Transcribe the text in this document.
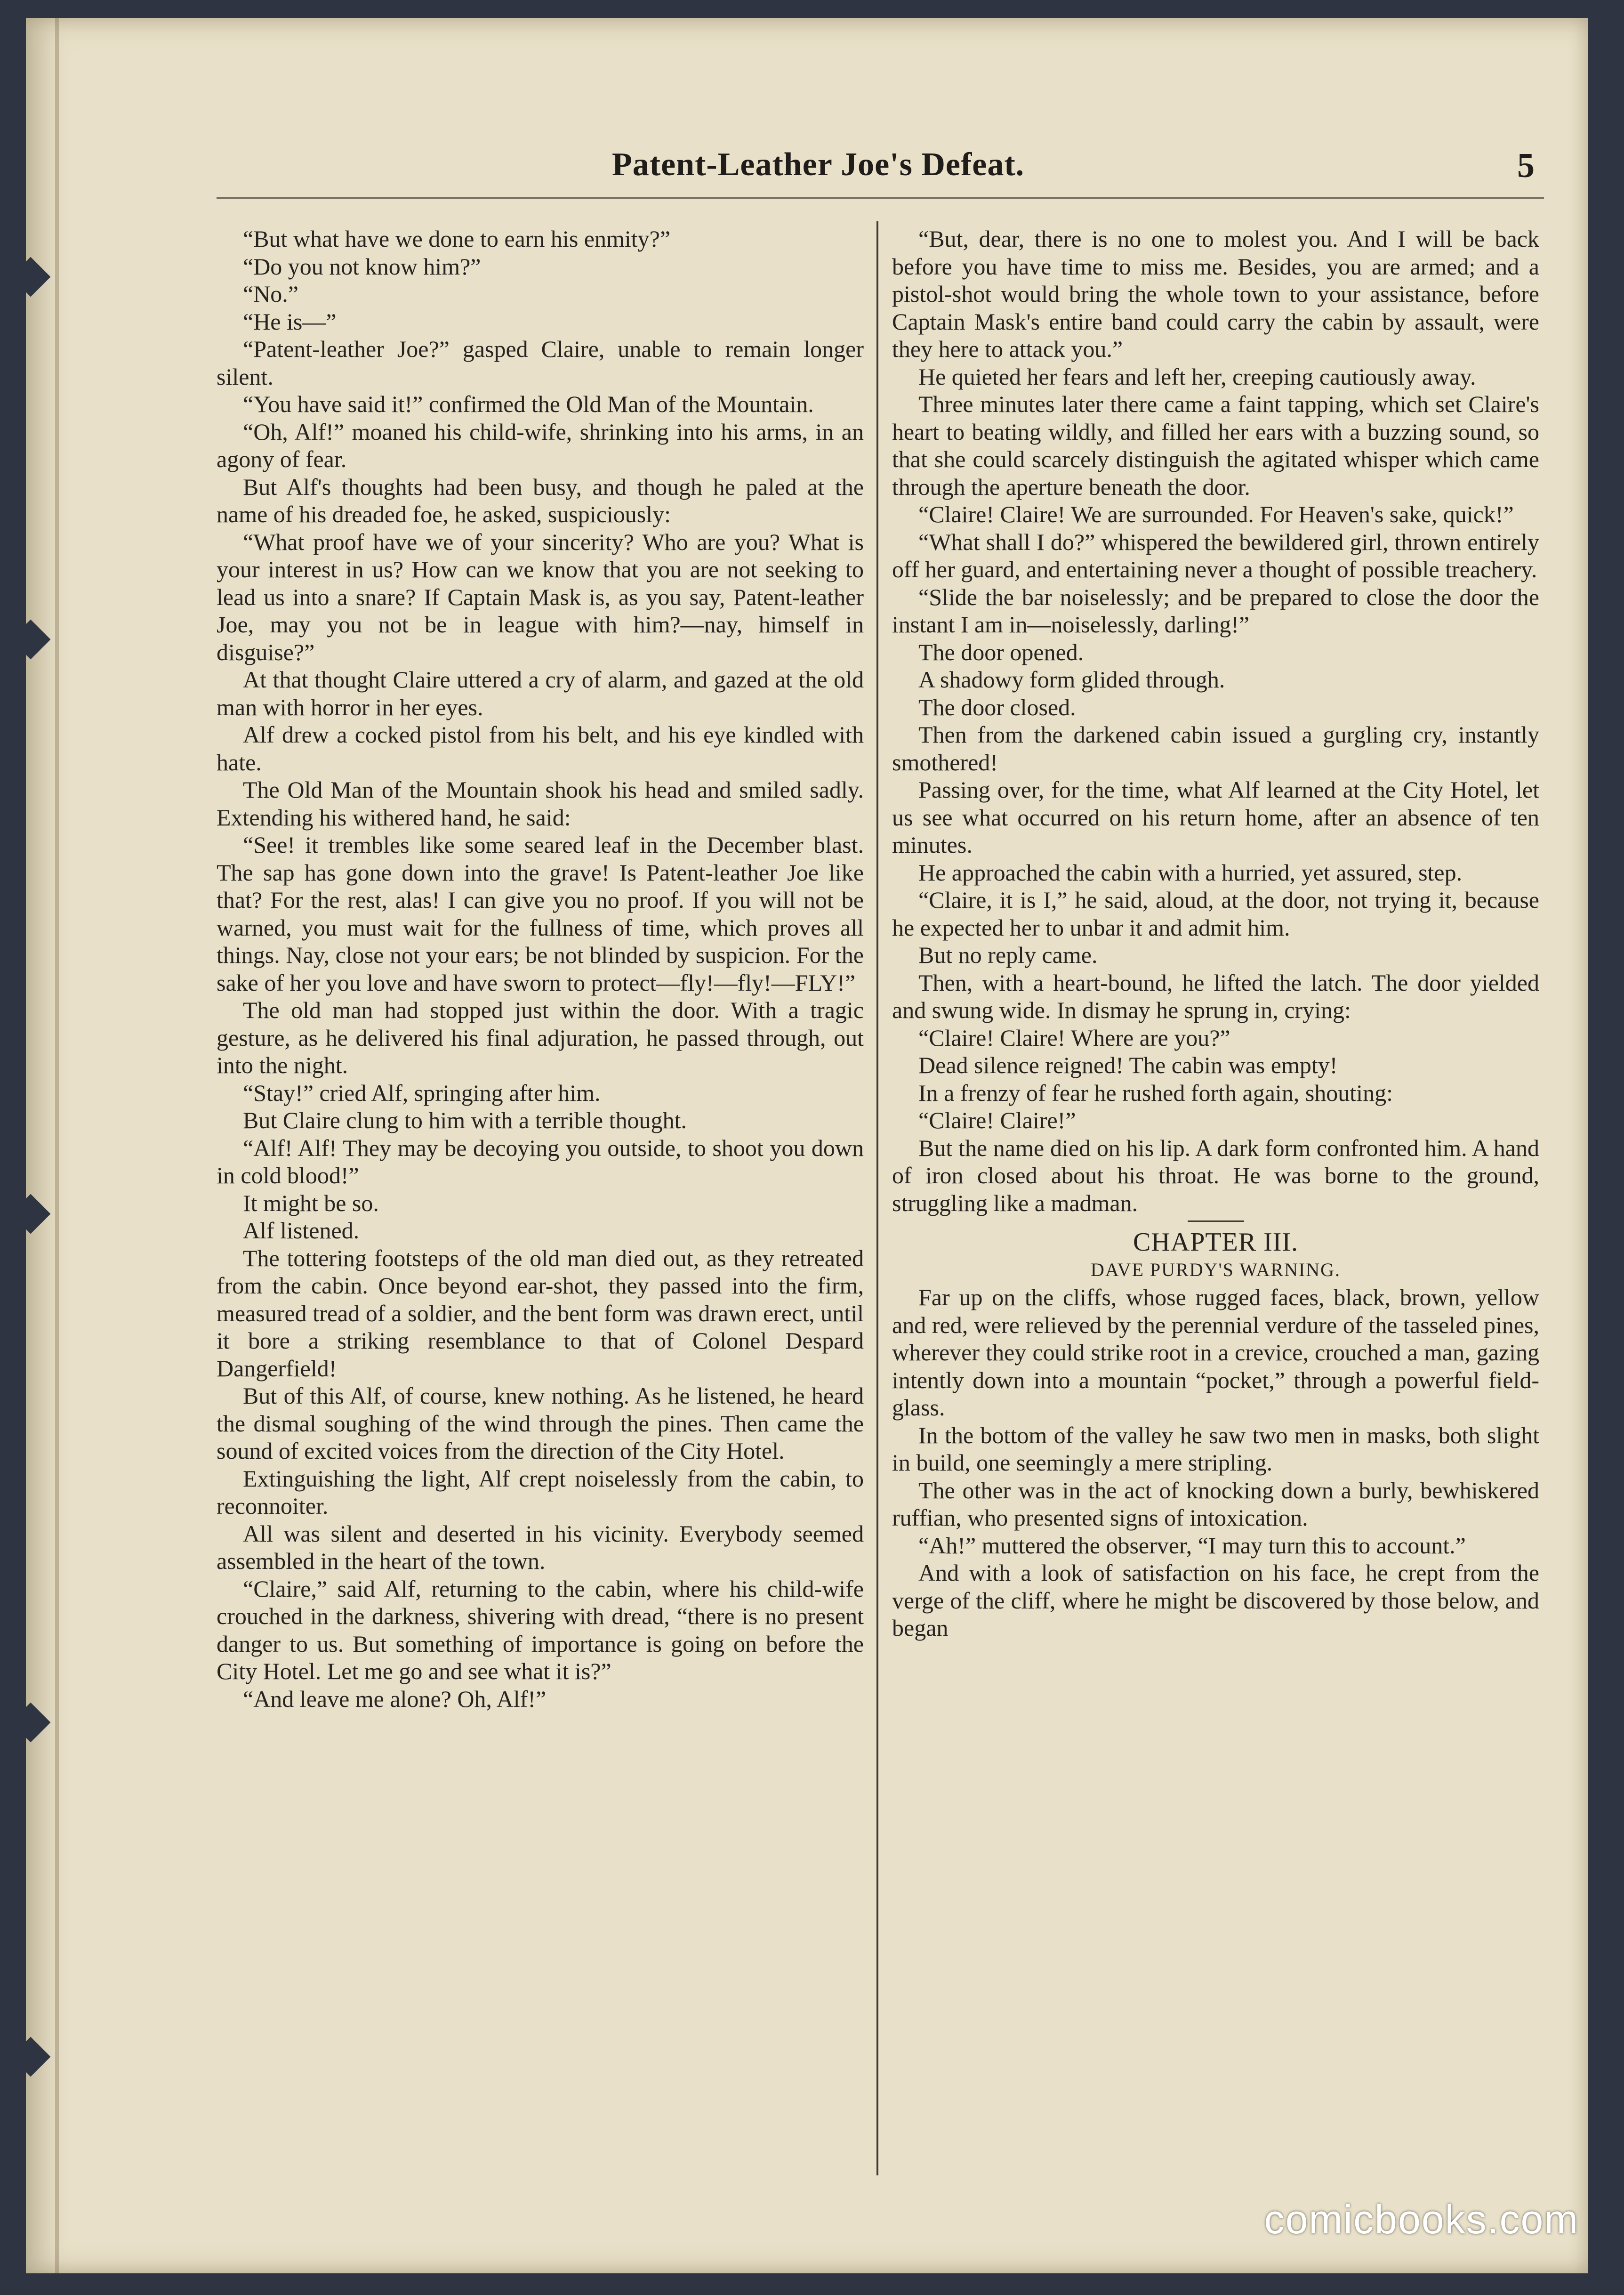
Patent-Leather Joe's Defeat.	5

“But what have we done to earn his enmity?”

“Do you not know him?”

“No.”

“He is—”

“Patent-leather Joe?” gasped Claire, unable to remain longer silent.

“You have said it!” confirmed the Old Man of the Mountain.

“Oh, Alf!” moaned his child-wife, shrinking into his arms, in an agony of fear.

But Alf's thoughts had been busy, and though he paled at the name of his dreaded foe, he asked, suspiciously:

“What proof have we of your sincerity? Who are you? What is your interest in us? How can we know that you are not seeking to lead us into a snare? If Captain Mask is, as you say, Patent-leather Joe, may you not be in league with him?—nay, himself in disguise?”

At that thought Claire uttered a cry of alarm, and gazed at the old man with horror in her eyes.

Alf drew a cocked pistol from his belt, and his eye kindled with hate.

The Old Man of the Mountain shook his head and smiled sadly. Extending his withered hand, he said:

“See! it trembles like some seared leaf in the December blast. The sap has gone down into the grave! Is Patent-leather Joe like that? For the rest, alas! I can give you no proof. If you will not be warned, you must wait for the fullness of time, which proves all things. Nay, close not your ears; be not blinded by suspicion. For the sake of her you love and have sworn to protect—fly!—fly!—FLY!”

The old man had stopped just within the door. With a tragic gesture, as he delivered his final adjuration, he passed through, out into the night.

“Stay!” cried Alf, springing after him.

But Claire clung to him with a terrible thought.

“Alf! Alf! They may be decoying you outside, to shoot you down in cold blood!”

It might be so.

Alf listened.

The tottering footsteps of the old man died out, as they retreated from the cabin. Once beyond ear-shot, they passed into the firm, measured tread of a soldier, and the bent form was drawn erect, until it bore a striking resemblance to that of Colonel Despard Dangerfield!

But of this Alf, of course, knew nothing. As he listened, he heard the dismal soughing of the wind through the pines. Then came the sound of excited voices from the direction of the City Hotel.

Extinguishing the light, Alf crept noiselessly from the cabin, to reconnoiter.

All was silent and deserted in his vicinity. Everybody seemed assembled in the heart of the town.

“Claire,” said Alf, returning to the cabin, where his child-wife crouched in the darkness, shivering with dread, “there is no present danger to us. But something of importance is going on before the City Hotel. Let me go and see what it is?”

“And leave me alone? Oh, Alf!”

“But, dear, there is no one to molest you. And I will be back before you have time to miss me. Besides, you are armed; and a pistol-shot would bring the whole town to your assistance, before Captain Mask's entire band could carry the cabin by assault, were they here to attack you.”

He quieted her fears and left her, creeping cautiously away.

Three minutes later there came a faint tapping, which set Claire's heart to beating wildly, and filled her ears with a buzzing sound, so that she could scarcely distinguish the agitated whisper which came through the aperture beneath the door.

“Claire! Claire! We are surrounded. For Heaven's sake, quick!”

“What shall I do?” whispered the bewildered girl, thrown entirely off her guard, and entertaining never a thought of possible treachery.

“Slide the bar noiselessly; and be prepared to close the door the instant I am in—noiselessly, darling!”

The door opened.

A shadowy form glided through.

The door closed.

Then from the darkened cabin issued a gurgling cry, instantly smothered!

Passing over, for the time, what Alf learned at the City Hotel, let us see what occurred on his return home, after an absence of ten minutes.

He approached the cabin with a hurried, yet assured, step.

“Claire, it is I,” he said, aloud, at the door, not trying it, because he expected her to unbar it and admit him.

But no reply came.

Then, with a heart-bound, he lifted the latch. The door yielded and swung wide. In dismay he sprung in, crying:

“Claire! Claire! Where are you?”

Dead silence reigned! The cabin was empty!

In a frenzy of fear he rushed forth again, shouting:

“Claire! Claire!”

But the name died on his lip. A dark form confronted him. A hand of iron closed about his throat. He was borne to the ground, struggling like a madman.

CHAPTER III.

DAVE PURDY'S WARNING.

Far up on the cliffs, whose rugged faces, black, brown, yellow and red, were relieved by the perennial verdure of the tasseled pines, wherever they could strike root in a crevice, crouched a man, gazing intently down into a mountain “pocket,” through a powerful field-glass.

In the bottom of the valley he saw two men in masks, both slight in build, one seemingly a mere stripling.

The other was in the act of knocking down a burly, bewhiskered ruffian, who presented signs of intoxication.

“Ah!” muttered the observer, “I may turn this to account.”

And with a look of satisfaction on his face, he crept from the verge of the cliff, where he might be discovered by those below, and began

comicbooks.com
